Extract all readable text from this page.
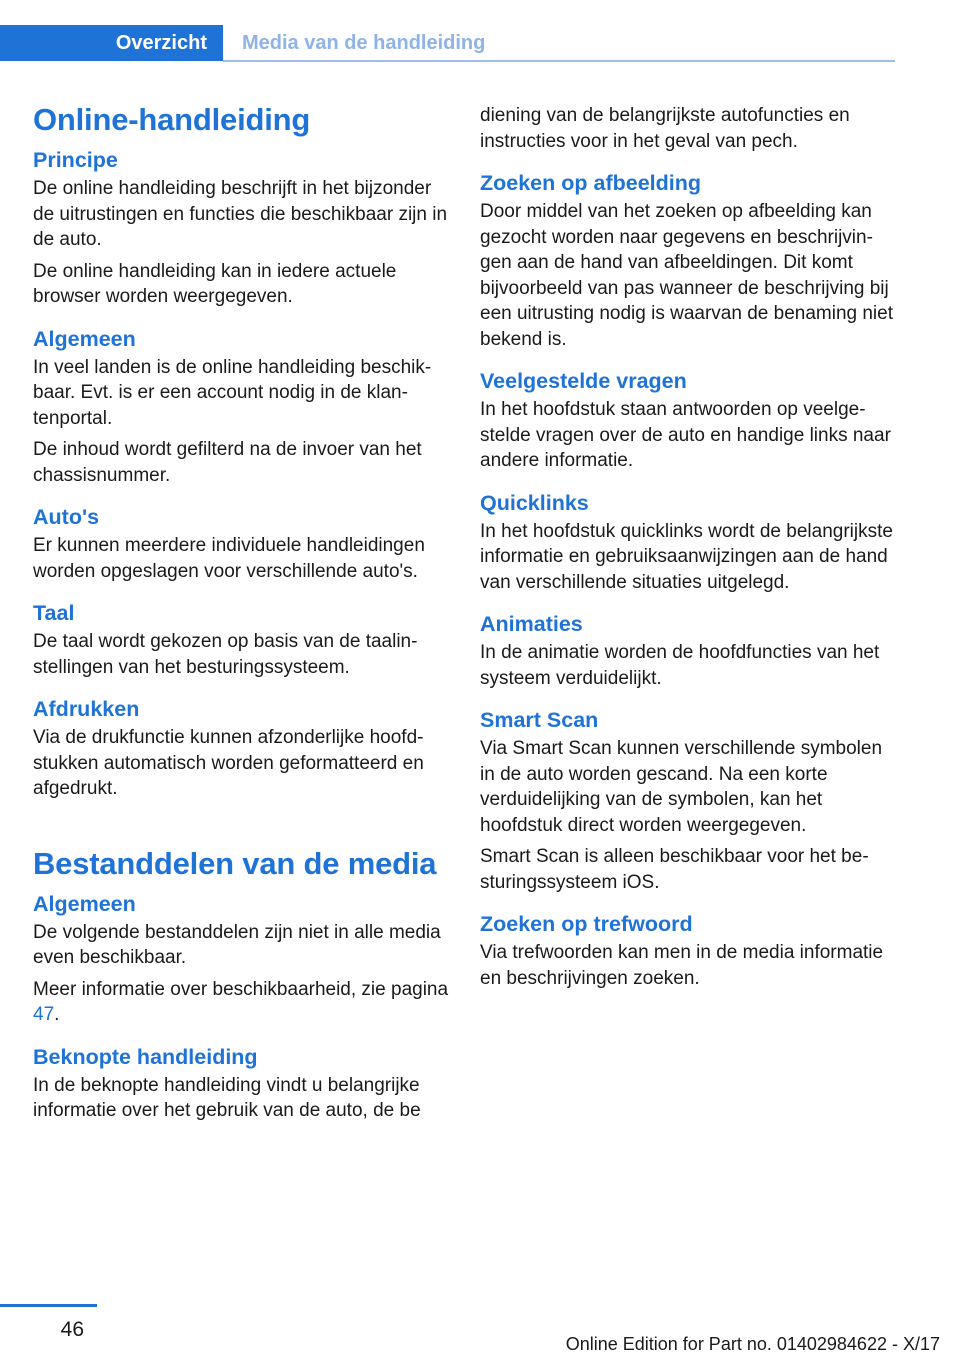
Overzicht	Media van de handleiding
Online-handleiding
Principe

De online handleiding beschrijft in het bijzonder de uitrustingen en functies die beschikbaar zijn in de auto.

De online handleiding kan in iedere actuele browser worden weergegeven.

Algemeen

In veel landen is de online handleiding beschikbaar. Evt. is er een account nodig in de klantenportal.

De inhoud wordt gefilterd na de invoer van het chassisnummer.

Auto's

Er kunnen meerdere individuele handleidingen worden opgeslagen voor verschillende auto's.

Taal

De taal wordt gekozen op basis van de taalinstellingen van het besturingssysteem.

Afdrukken

Via de drukfunctie kunnen afzonderlijke hoofdstukken automatisch worden geformatteerd en afgedrukt.

Bestanddelen van de media
Algemeen

De volgende bestanddelen zijn niet in alle media even beschikbaar.

Meer informatie over beschikbaarheid, zie pagina 47.

Beknopte handleiding

In de beknopte handleiding vindt u belangrijke informatie over het gebruik van de auto, de be

diening van de belangrijkste autofuncties en instructies voor in het geval van pech.

Zoeken op afbeelding

Door middel van het zoeken op afbeelding kan gezocht worden naar gegevens en beschrijvingen aan de hand van afbeeldingen. Dit komt bijvoorbeeld van pas wanneer de beschrijving bij een uitrusting nodig is waarvan de benaming niet bekend is.

Veelgestelde vragen

In het hoofdstuk staan antwoorden op veelgestelde vragen over de auto en handige links naar andere informatie.

Quicklinks

In het hoofdstuk quicklinks wordt de belangrijkste informatie en gebruiksaanwijzingen aan de hand van verschillende situaties uitgelegd.

Animaties

In de animatie worden de hoofdfuncties van het systeem verduidelijkt.

Smart Scan

Via Smart Scan kunnen verschillende symbolen in de auto worden gescand. Na een korte verduidelijking van de symbolen, kan het hoofdstuk direct worden weergegeven.

Smart Scan is alleen beschikbaar voor het besturingssysteem iOS.

Zoeken op trefwoord

Via trefwoorden kan men in de media informatie en beschrijvingen zoeken.

46
Online Edition for Part no. 01402984622 - X/17
